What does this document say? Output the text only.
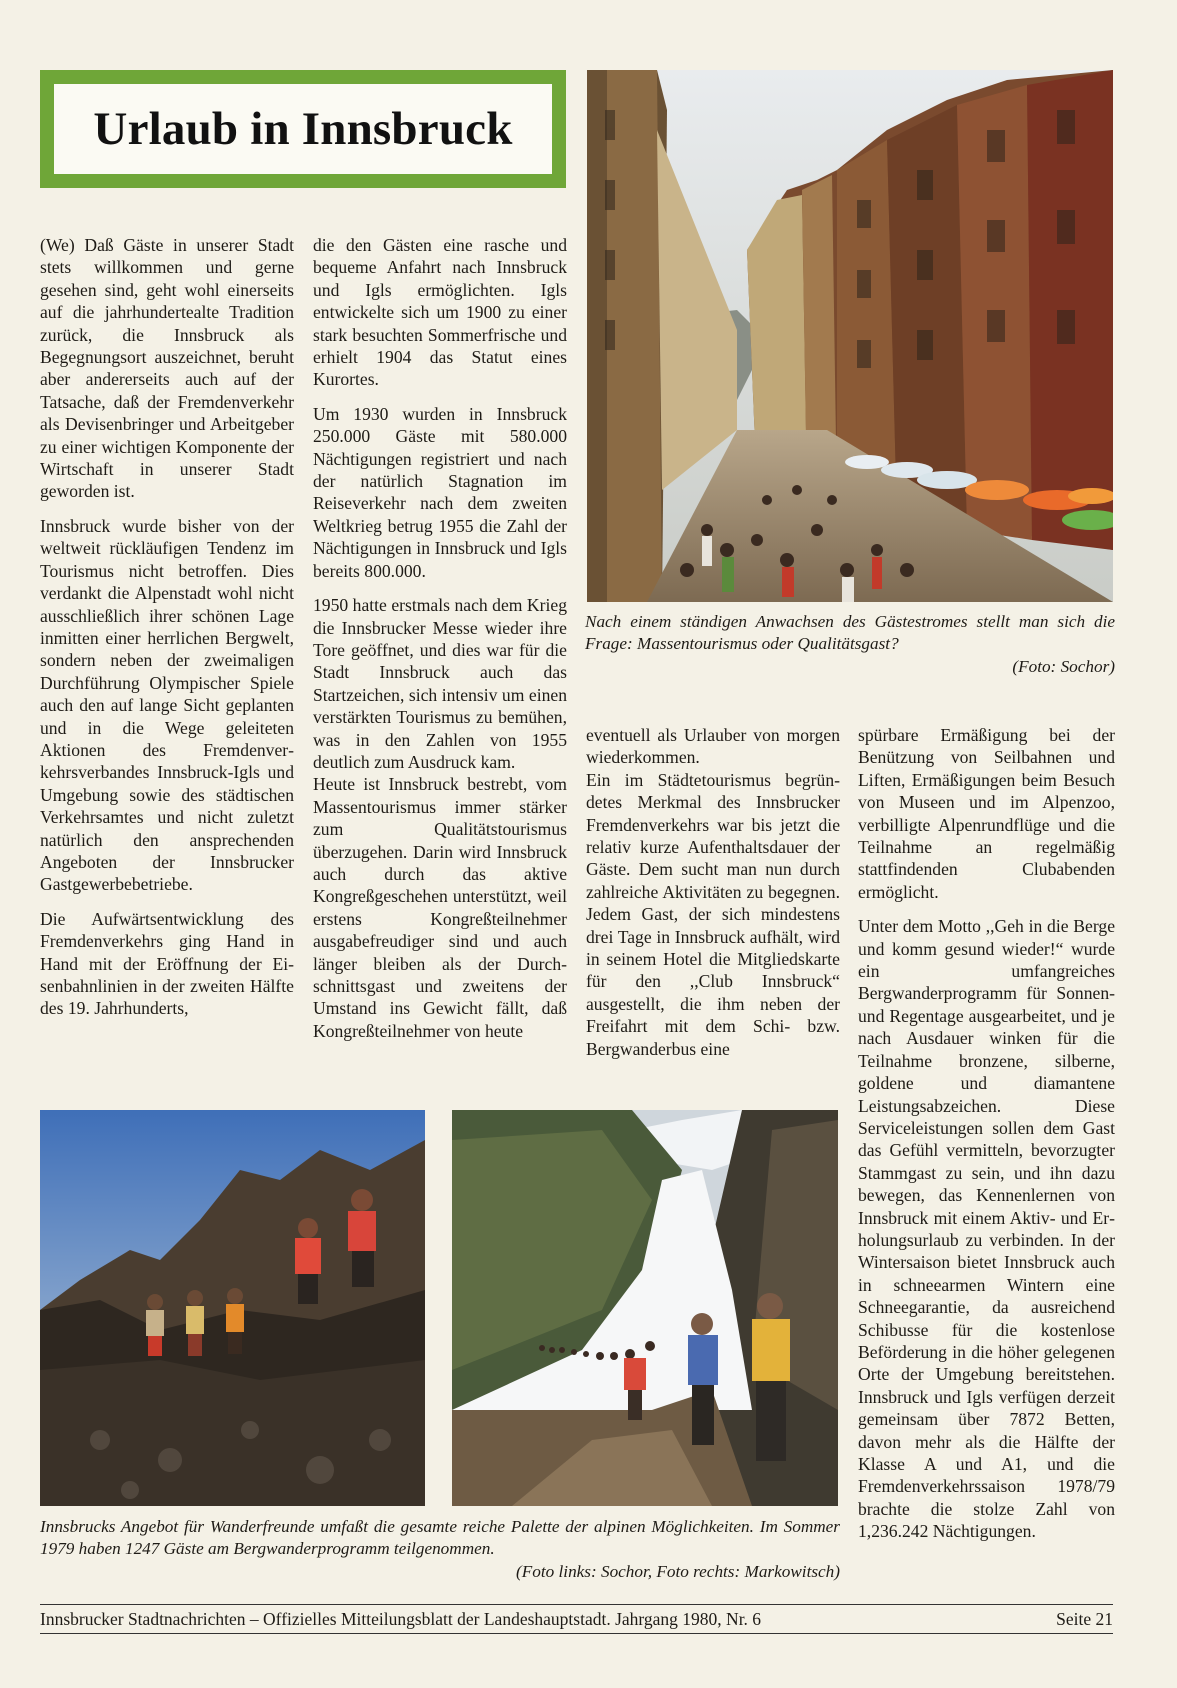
Urlaub in Innsbruck

(We) Daß Gäste in unserer Stadt stets willkommen und gerne gesehen sind, geht wohl einerseits auf die jahrhundertealte Tradition zurück, die Innsbruck als Begegnungsort auszeichnet, beruht aber andererseits auch auf der Tatsache, daß der Fremdenverkehr als Devisenbringer und Arbeitgeber zu einer wichtigen Komponente der Wirtschaft in unserer Stadt geworden ist.

Innsbruck wurde bisher von der weltweit rückläufigen Tendenz im Tourismus nicht betroffen. Dies verdankt die Alpenstadt wohl nicht ausschließlich ihrer schönen Lage inmitten einer herrlichen Bergwelt, sondern neben der zweimaligen Durchführung Olympischer Spiele auch den auf lange Sicht geplanten und in die Wege geleiteten Aktionen des Fremdenverkehrsverbandes Innsbruck-Igls und Umgebung sowie des städtischen Verkehrsamtes und nicht zuletzt natürlich den ansprechenden Angeboten der Innsbrucker Gastgewerbebetriebe.

Die Aufwärtsentwicklung des Fremdenverkehrs ging Hand in Hand mit der Eröffnung der Eisenbahnlinien in der zweiten Hälfte des 19. Jahrhunderts,

die den Gästen eine rasche und bequeme Anfahrt nach Innsbruck und Igls ermöglichten. Igls entwickelte sich um 1900 zu einer stark besuchten Sommerfrische und erhielt 1904 das Statut eines Kurortes.

Um 1930 wurden in Innsbruck 250.000 Gäste mit 580.000 Nächtigungen registriert und nach der natürlich Stagnation im Reiseverkehr nach dem zweiten Weltkrieg betrug 1955 die Zahl der Nächtigungen in Innsbruck und Igls bereits 800.000.

1950 hatte erstmals nach dem Krieg die Innsbrucker Messe wieder ihre Tore geöffnet, und dies war für die Stadt Innsbruck auch das Startzeichen, sich intensiv um einen verstärkten Tourismus zu bemühen, was in den Zahlen von 1955 deutlich zum Ausdruck kam.

Heute ist Innsbruck bestrebt, vom Massentourismus immer stärker zum Qualitätstourismus überzugehen. Darin wird Innsbruck auch durch das aktive Kongreßgeschehen unterstützt, weil erstens Kongreßteilnehmer ausgabefreudiger sind und auch länger bleiben als der Durchschnittsgast und zweitens der Umstand ins Gewicht fällt, daß Kongreßteilnehmer von heute

Nach einem ständigen Anwachsen des Gästestromes stellt man sich die Frage: Massentourismus oder Qualitätsgast?
(Foto: Sochor)

eventuell als Urlauber von morgen wiederkommen.

Ein im Städtetourismus begründetes Merkmal des Innsbrucker Fremdenverkehrs war bis jetzt die relativ kurze Aufenthaltsdauer der Gäste. Dem sucht man nun durch zahlreiche Aktivitäten zu begegnen. Jedem Gast, der sich mindestens drei Tage in Innsbruck aufhält, wird in seinem Hotel die Mitgliedskarte für den ,,Club Innsbruck“ ausgestellt, die ihm neben der Freifahrt mit dem Schi- bzw. Bergwanderbus eine

spürbare Ermäßigung bei der Benützung von Seilbahnen und Liften, Ermäßigungen beim Besuch von Museen und im Alpenzoo, verbilligte Alpenrundflüge und die Teilnahme an regelmäßig stattfindenden Clubabenden ermöglicht.

Unter dem Motto ,,Geh in die Berge und komm gesund wieder!“ wurde ein umfangreiches Bergwanderprogramm für Sonnen- und Regentage ausgearbeitet, und je nach Ausdauer winken für die Teilnahme bronzene, silberne, goldene und diamantene Leistungsabzeichen. Diese Serviceleistungen sollen dem Gast das Gefühl vermitteln, bevorzugter Stammgast zu sein, und ihn dazu bewegen, das Kennenlernen von Innsbruck mit einem Aktiv- und Erholungsurlaub zu verbinden. In der Wintersaison bietet Innsbruck auch in schneearmen Wintern eine Schneegarantie, da ausreichend Schibusse für die kostenlose Beförderung in die höher gelegenen Orte der Umgebung bereitstehen. Innsbruck und Igls verfügen derzeit gemeinsam über 7872 Betten, davon mehr als die Hälfte der Klasse A und A1, und die Fremdenverkehrssaison 1978/79 brachte die stolze Zahl von 1,236.242 Nächtigungen.

Innsbrucks Angebot für Wanderfreunde umfaßt die gesamte reiche Palette der alpinen Möglichkeiten. Im Sommer 1979 haben 1247 Gäste am Bergwanderprogramm teilgenommen.
(Foto links: Sochor, Foto rechts: Markowitsch)
Innsbrucker Stadtnachrichten – Offizielles Mitteilungsblatt der Landeshauptstadt. Jahrgang 1980, Nr. 6	Seite 21
